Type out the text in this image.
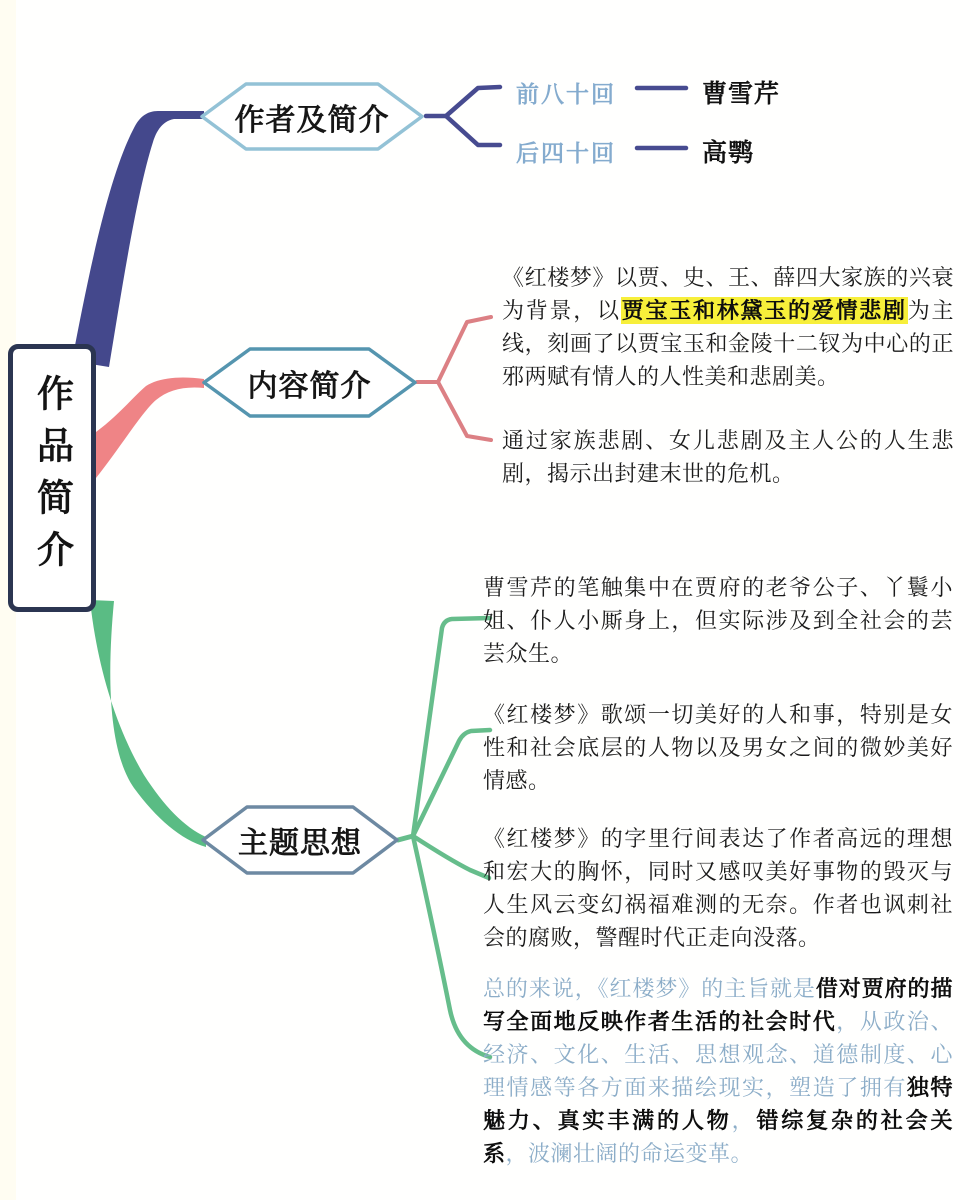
作品简介
作者及简介
内容简介
主题思想
前八十回	曹雪芹
后四十回	高鹗

《红楼梦》以贾、史、王、薛四大家族的兴衰为背景，以贾宝玉和林黛玉的爱情悲剧为主线，刻画了以贾宝玉和金陵十二钗为中心的正邪两赋有情人的人性美和悲剧美。

通过家族悲剧、女儿悲剧及主人公的人生悲剧，揭示出封建末世的危机。

曹雪芹的笔触集中在贾府的老爷公子、丫鬟小姐、仆人小厮身上，但实际涉及到全社会的芸芸众生。

《红楼梦》歌颂一切美好的人和事，特别是女性和社会底层的人物以及男女之间的微妙美好情感。

《红楼梦》的字里行间表达了作者高远的理想和宏大的胸怀，同时又感叹美好事物的毁灭与人生风云变幻祸福难测的无奈。作者也讽刺社会的腐败，警醒时代正走向没落。

总的来说，《红楼梦》的主旨就是借对贾府的描写全面地反映作者生活的社会时代，从政治、经济、文化、生活、思想观念、道德制度、心理情感等各方面来描绘现实，塑造了拥有独特魅力、真实丰满的人物，错综复杂的社会关系，波澜壮阔的命运变革。
